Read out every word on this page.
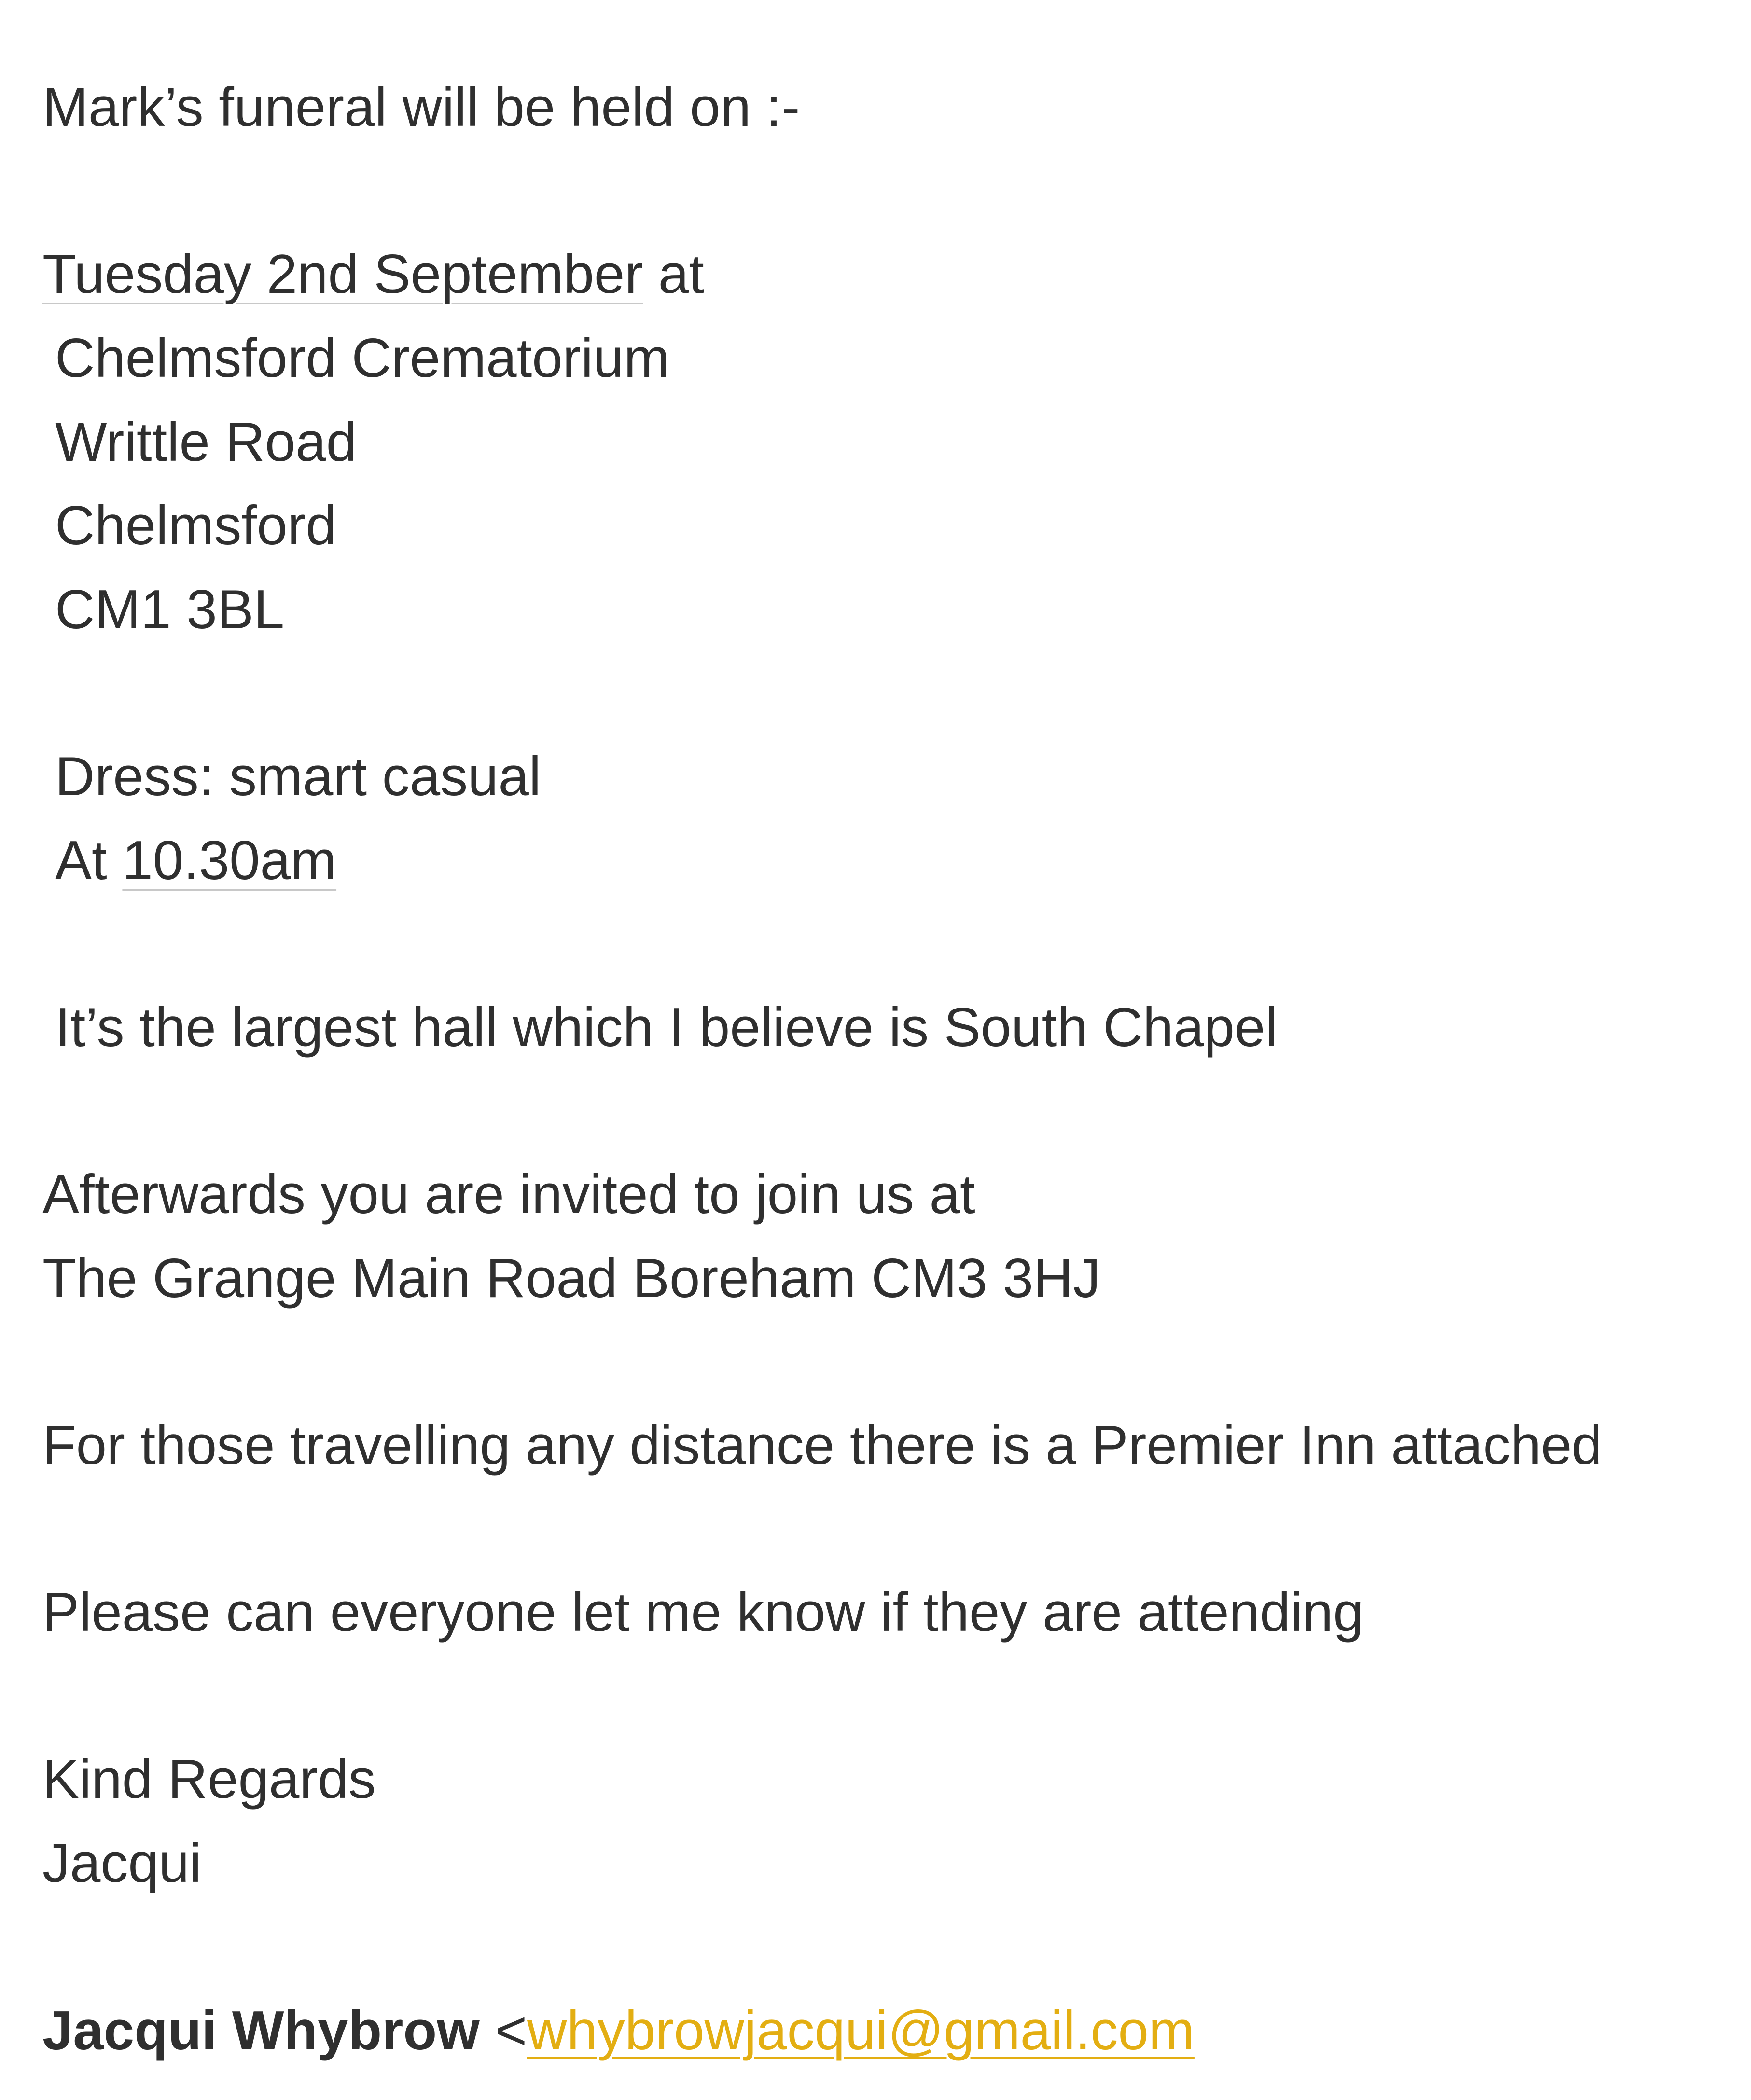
Mark’s funeral will be held on :-
Tuesday 2nd September at
Chelmsford Crematorium
Writtle Road
Chelmsford
CM1 3BL
Dress: smart casual
At 10.30am
It’s the largest hall which I believe is South Chapel
Afterwards you are invited to join us at
The Grange Main Road Boreham CM3 3HJ
For those travelling any distance there is a Premier Inn attached
Please can everyone let me know if they are attending
Kind Regards
Jacqui
Jacqui Whybrow <whybrowjacqui@gmail.com
